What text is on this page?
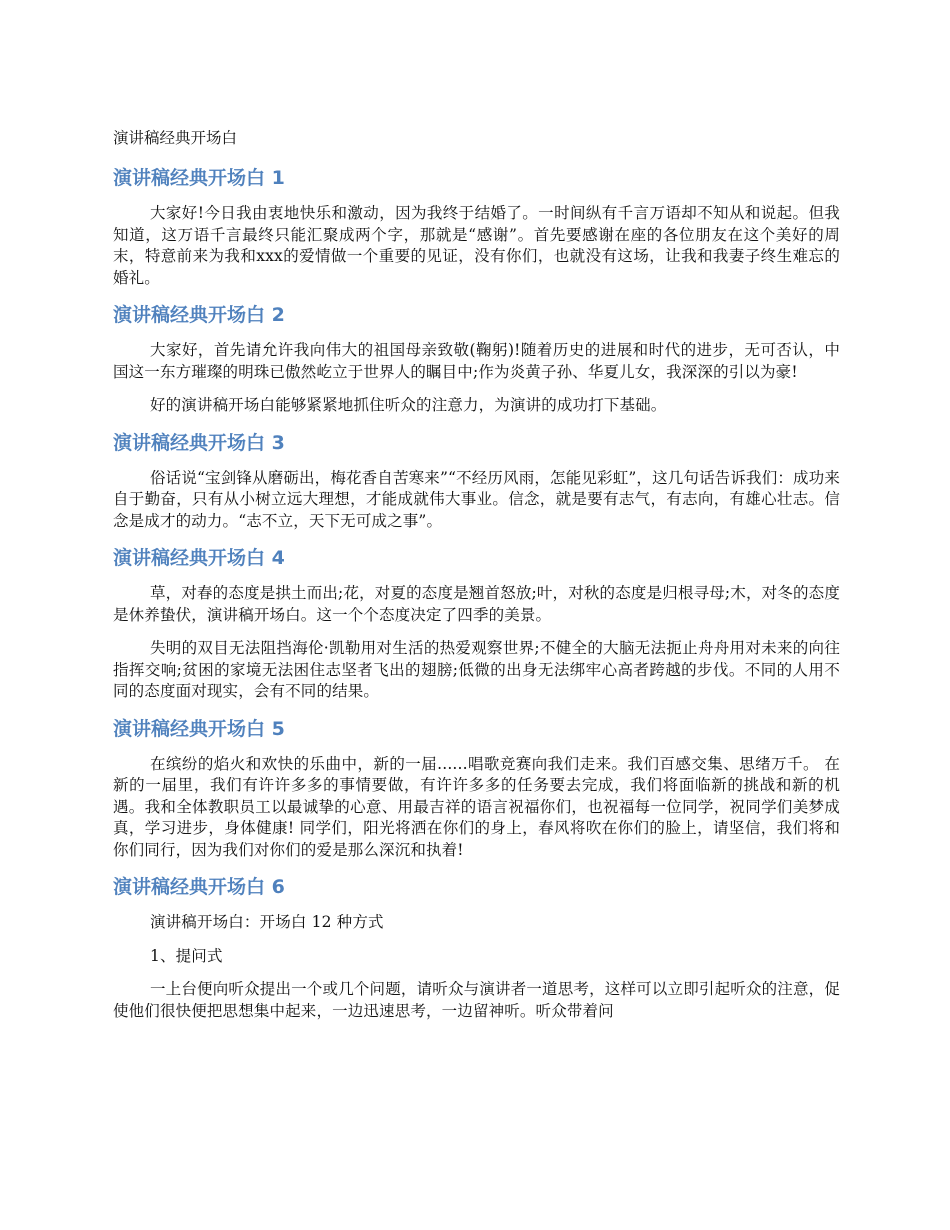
演讲稿经典开场白
演讲稿经典开场白 1

大家好!今日我由衷地快乐和激动，因为我终于结婚了。一时间纵有千言万语却不知从和说起。但我知道，这万语千言最终只能汇聚成两个字，那就是“感谢”。首先要感谢在座的各位朋友在这个美好的周末，特意前来为我和xxx的爱情做一个重要的见证，没有你们，也就没有这场，让我和我妻子终生难忘的婚礼。

演讲稿经典开场白 2

大家好，首先请允许我向伟大的祖国母亲致敬(鞠躬)!随着历史的进展和时代的进步，无可否认，中国这一东方璀璨的明珠已傲然屹立于世界人的瞩目中;作为炎黄子孙、华夏儿女，我深深的引以为豪!

好的演讲稿开场白能够紧紧地抓住听众的注意力，为演讲的成功打下基础。

演讲稿经典开场白 3

俗话说“宝剑锋从磨砺出，梅花香自苦寒来”“不经历风雨，怎能见彩虹”，这几句话告诉我们：成功来自于勤奋，只有从小树立远大理想，才能成就伟大事业。信念，就是要有志气，有志向，有雄心壮志。信念是成才的动力。“志不立，天下无可成之事”。

演讲稿经典开场白 4

草，对春的态度是拱土而出;花，对夏的态度是翘首怒放;叶，对秋的态度是归根寻母;木，对冬的态度是休养蛰伏，演讲稿开场白。这一个个态度决定了四季的美景。

失明的双目无法阻挡海伦·凯勒用对生活的热爱观察世界;不健全的大脑无法扼止舟舟用对未来的向往指挥交响;贫困的家境无法困住志坚者飞出的翅膀;低微的出身无法绑牢心高者跨越的步伐。不同的人用不同的态度面对现实，会有不同的结果。

演讲稿经典开场白 5

在缤纷的焰火和欢快的乐曲中，新的一届......唱歌竞赛向我们走来。我们百感交集、思绪万千。 在新的一届里，我们有许许多多的事情要做，有许许多多的任务要去完成，我们将面临新的挑战和新的机遇。我和全体教职员工以最诚挚的心意、用最吉祥的语言祝福你们，也祝福每一位同学，祝同学们美梦成真，学习进步，身体健康! 同学们，阳光将洒在你们的身上，春风将吹在你们的脸上，请坚信，我们将和你们同行，因为我们对你们的爱是那么深沉和执着!

演讲稿经典开场白 6

演讲稿开场白：开场白 12 种方式

1、提问式

一上台便向听众提出一个或几个问题，请听众与演讲者一道思考，这样可以立即引起听众的注意，促使他们很快便把思想集中起来，一边迅速思考，一边留神听。听众带着问
